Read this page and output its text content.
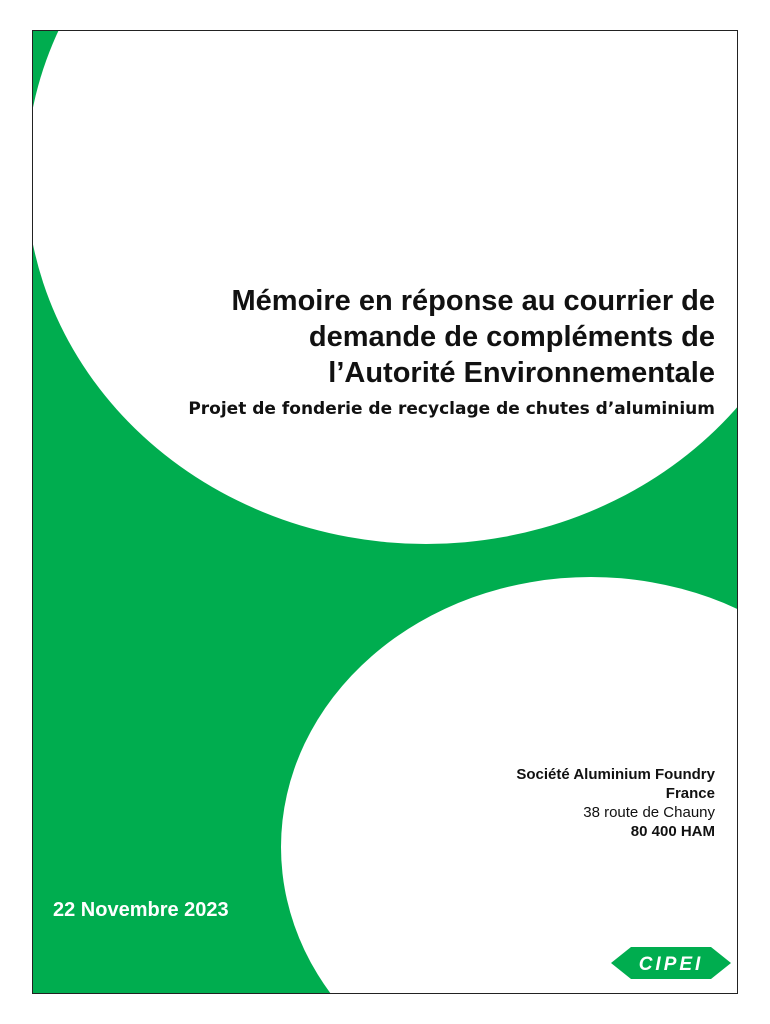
Mémoire en réponse au courrier de
demande de compléments de
l’Autorité Environnementale
Projet de fonderie de recyclage de chutes d’aluminium
Société Aluminium Foundry
France
38 route de Chauny
80 400 HAM
22 Novembre 2023
CIPEI
